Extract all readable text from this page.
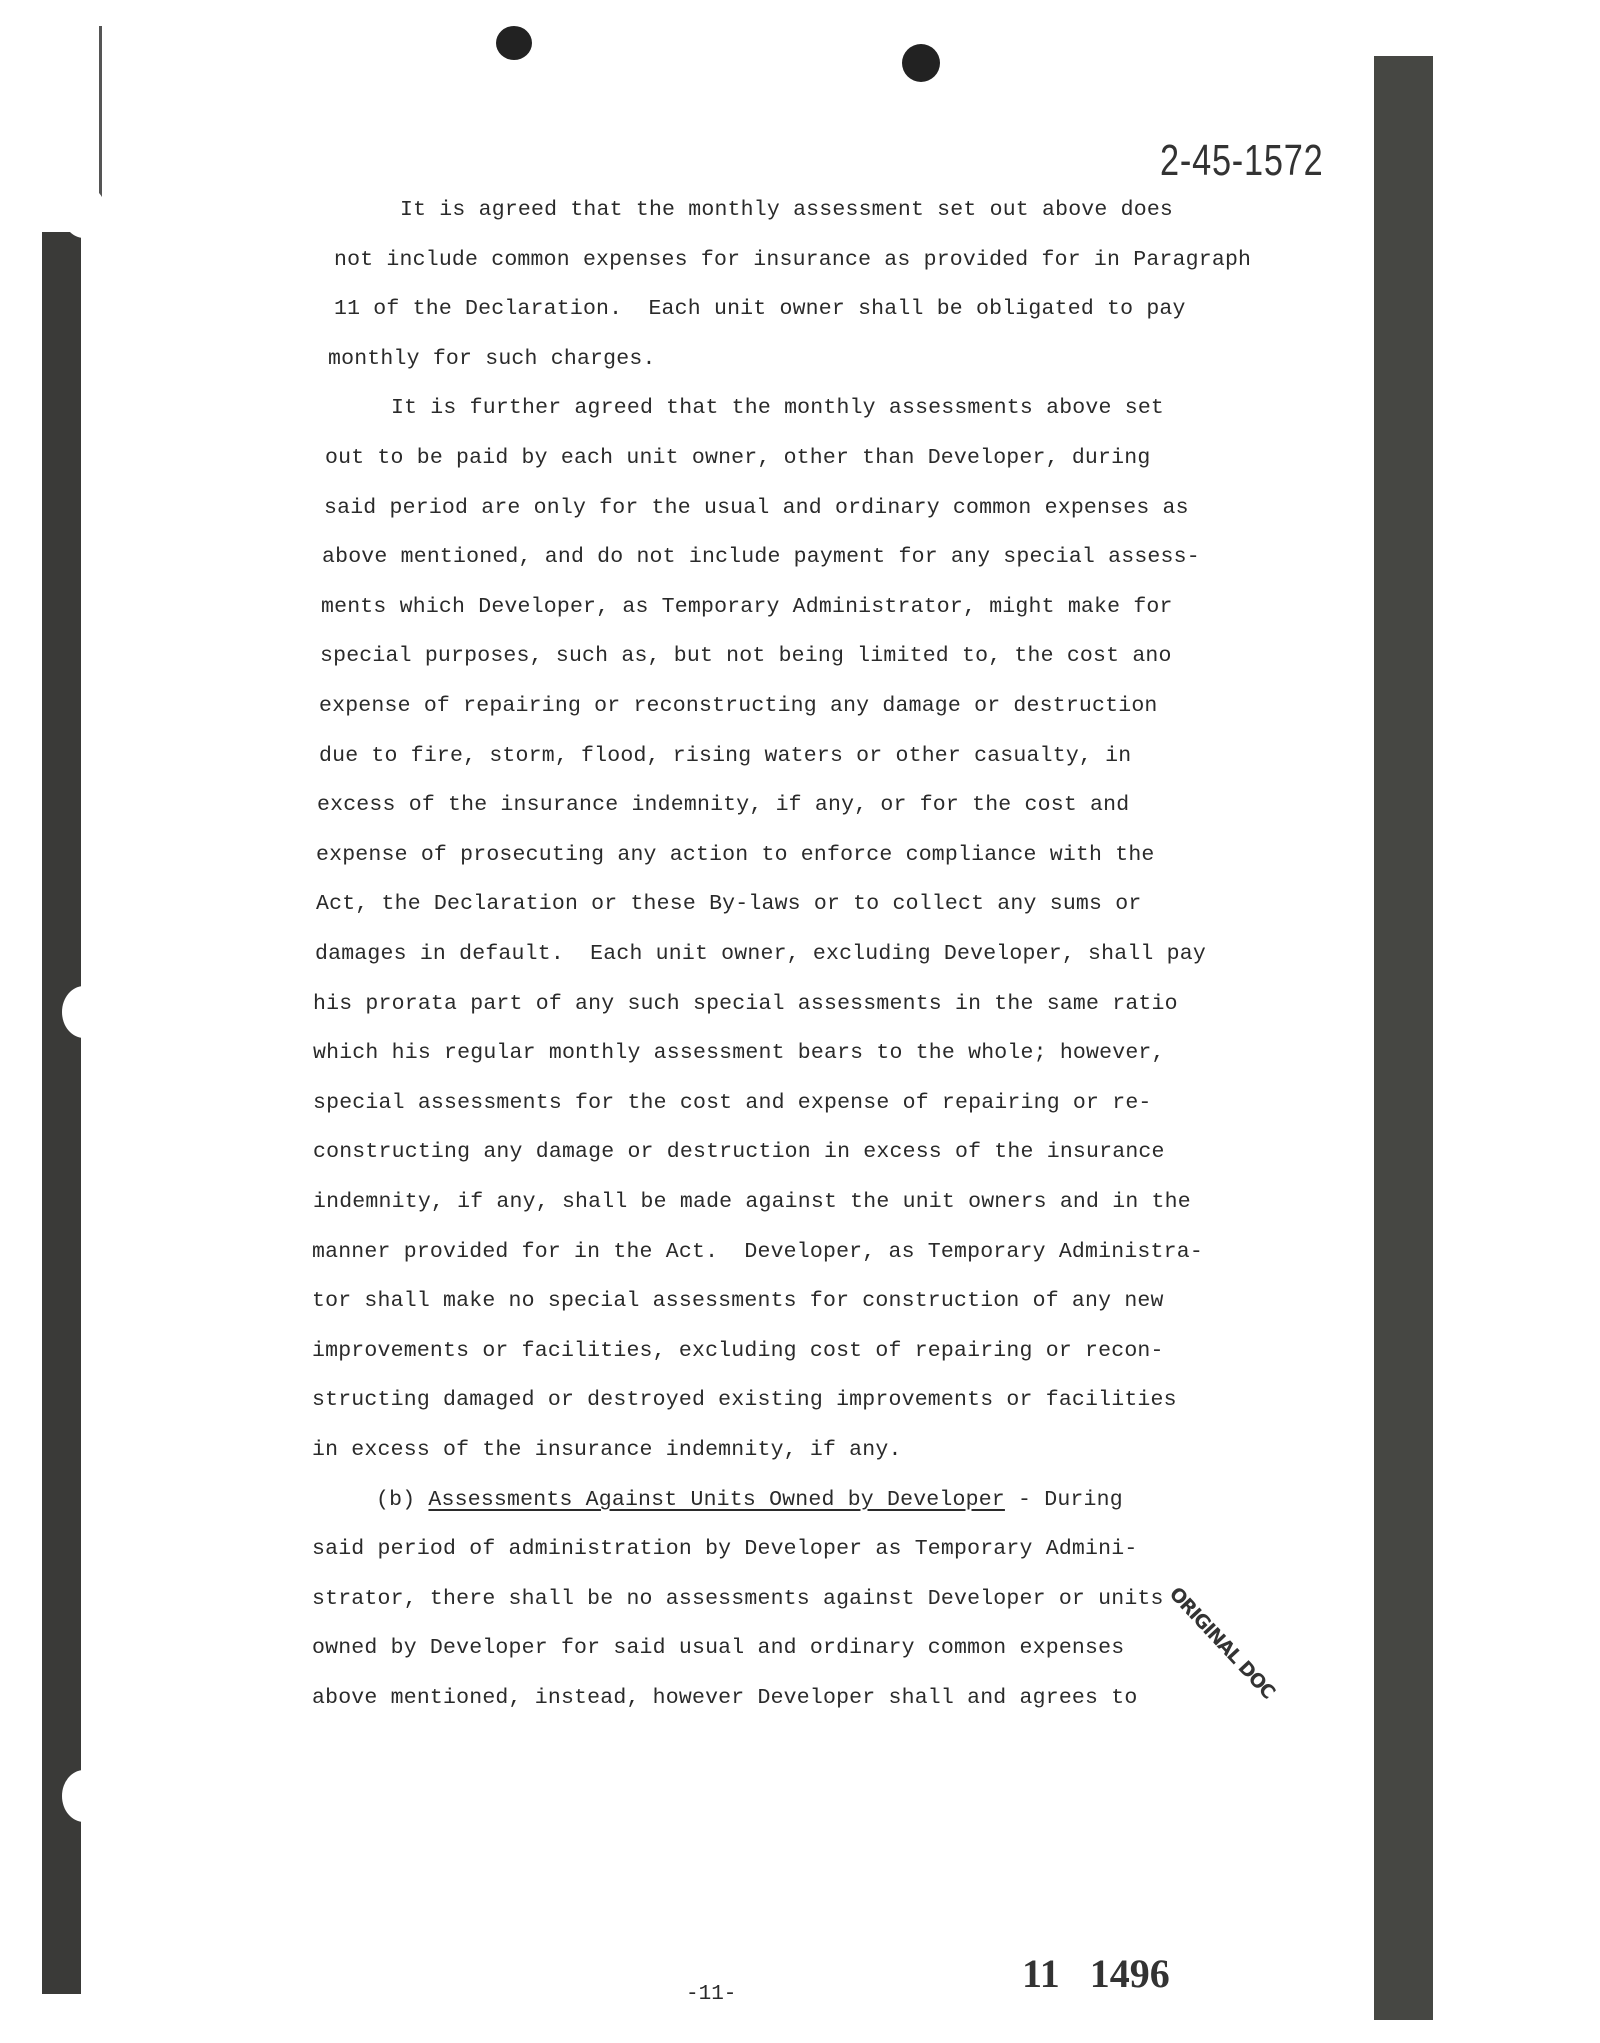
2-45-1572
It is agreed that the monthly assessment set out above does
not include common expenses for insurance as provided for in Paragraph
11 of the Declaration.  Each unit owner shall be obligated to pay
monthly for such charges.
It is further agreed that the monthly assessments above set
out to be paid by each unit owner, other than Developer, during
said period are only for the usual and ordinary common expenses as
above mentioned, and do not include payment for any special assess-
ments which Developer, as Temporary Administrator, might make for
special purposes, such as, but not being limited to, the cost ano
expense of repairing or reconstructing any damage or destruction
due to fire, storm, flood, rising waters or other casualty, in
excess of the insurance indemnity, if any, or for the cost and
expense of prosecuting any action to enforce compliance with the
Act, the Declaration or these By-laws or to collect any sums or
damages in default.  Each unit owner, excluding Developer, shall pay
his prorata part of any such special assessments in the same ratio
which his regular monthly assessment bears to the whole; however,
special assessments for the cost and expense of repairing or re-
constructing any damage or destruction in excess of the insurance
indemnity, if any, shall be made against the unit owners and in the
manner provided for in the Act.  Developer, as Temporary Administra-
tor shall make no special assessments for construction of any new
improvements or facilities, excluding cost of repairing or recon-
structing damaged or destroyed existing improvements or facilities
in excess of the insurance indemnity, if any.
(b) Assessments Against Units Owned by Developer - During
said period of administration by Developer as Temporary Admini-
strator, there shall be no assessments against Developer or units
owned by Developer for said usual and ordinary common expenses
above mentioned, instead, however Developer shall and agrees to ORIGINAL DOC
-11-	11 1496
